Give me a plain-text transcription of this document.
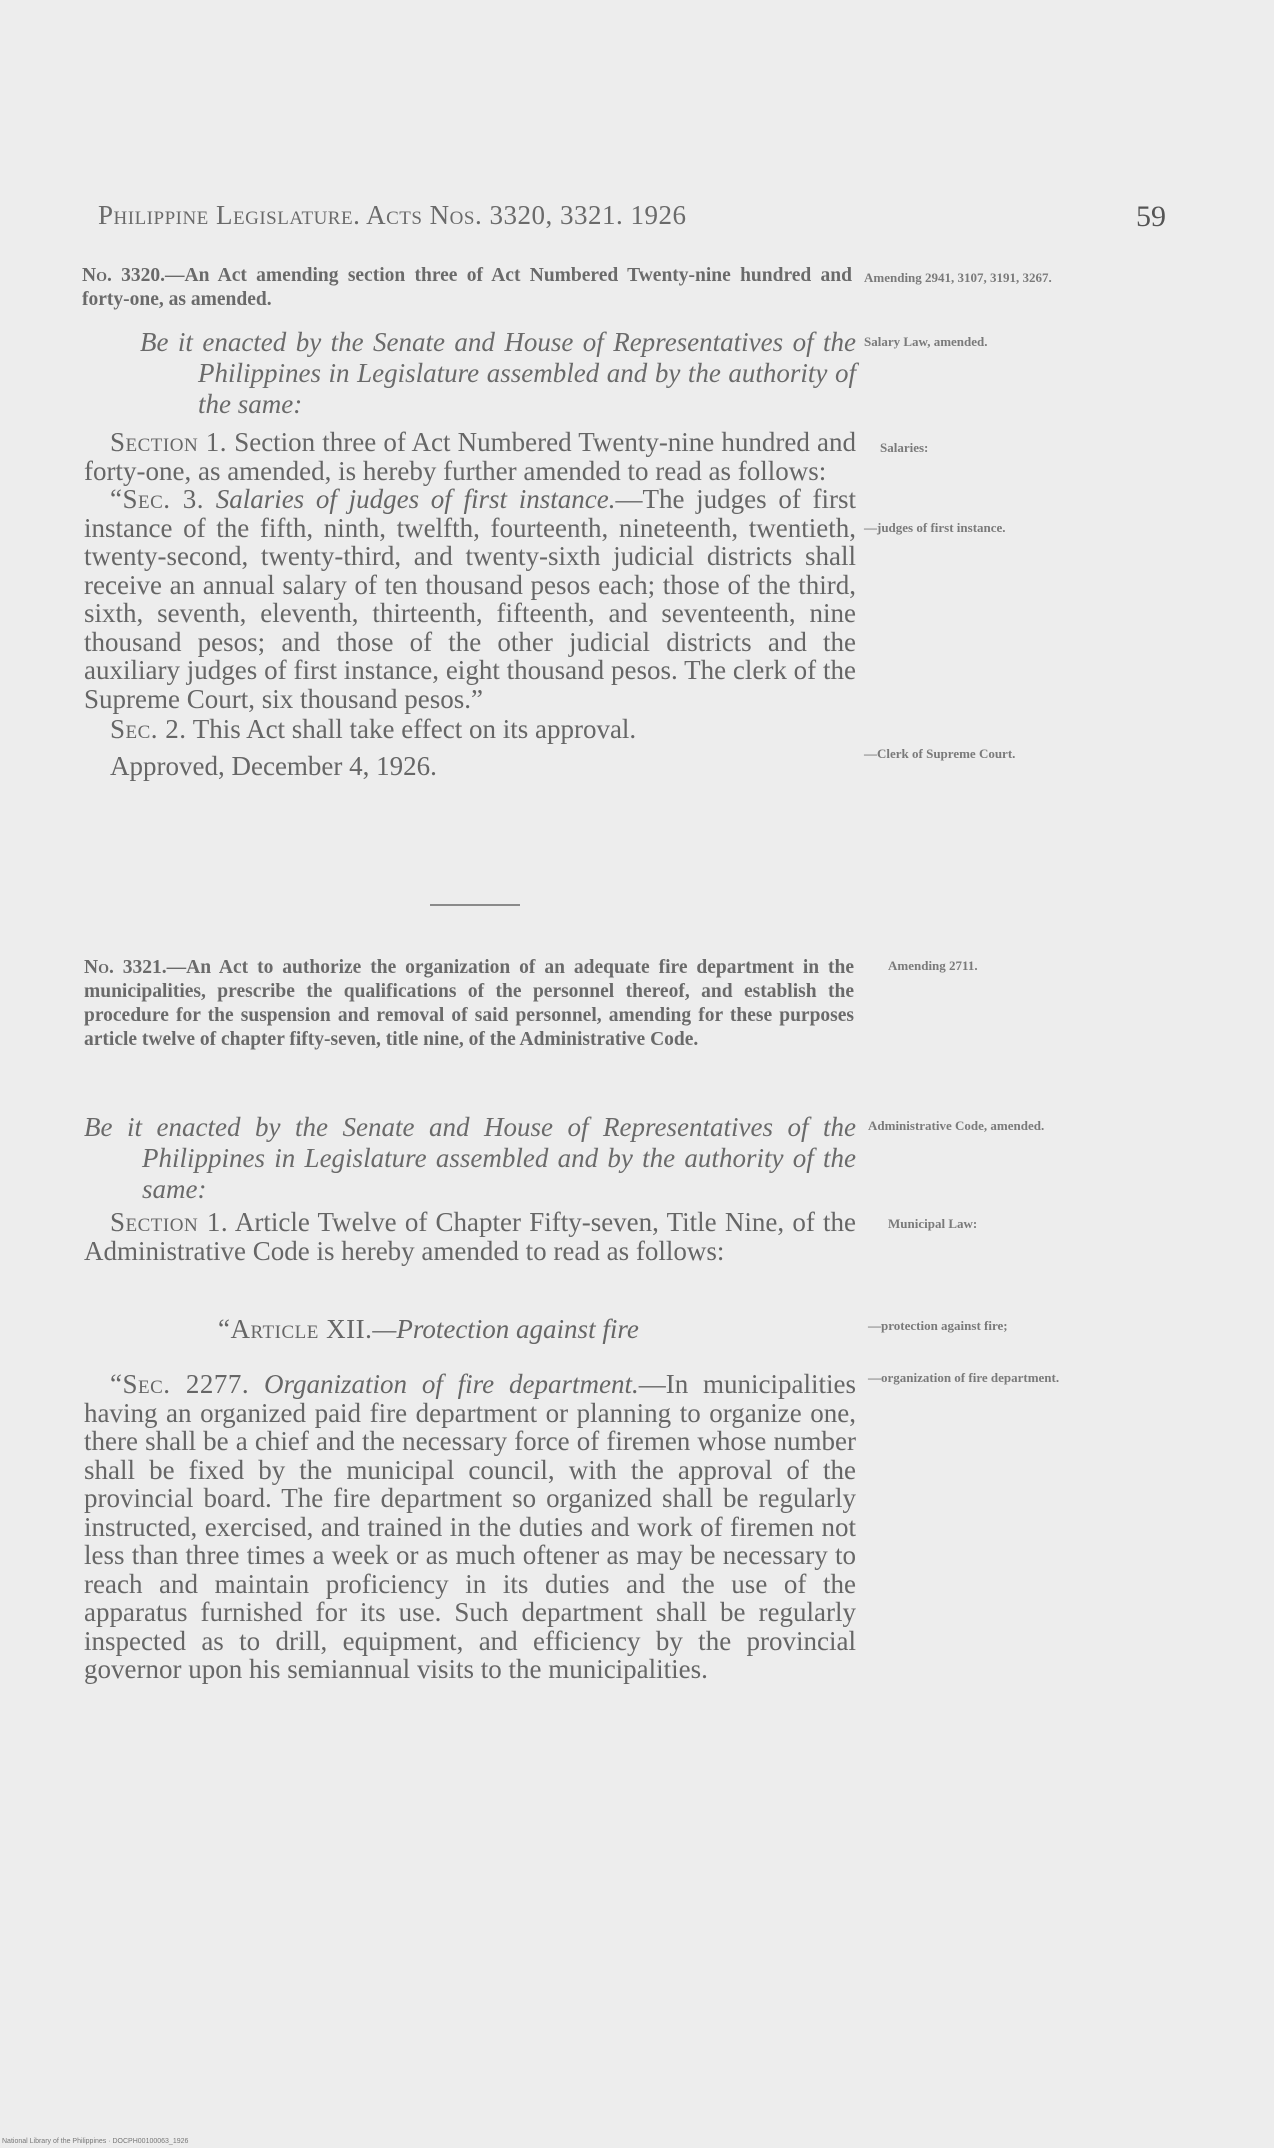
Philippine Legislature. Acts Nos. 3320, 3321. 1926	59
No. 3320.—An Act amending section three of Act Numbered Twenty-nine hundred and forty-one, as amended.
Be it enacted by the Senate and House of Representatives of the Philippines in Legislature assembled and by the authority of the same:

Section 1. Section three of Act Numbered Twenty-nine hundred and forty-one, as amended, is hereby further amended to read as follows:

“Sec. 3. Salaries of judges of first instance.—The judges of first instance of the fifth, ninth, twelfth, fourteenth, nineteenth, twentieth, twenty-second, twenty-third, and twenty-sixth judicial districts shall receive an annual salary of ten thousand pesos each; those of the third, sixth, seventh, eleventh, thirteenth, fifteenth, and seventeenth, nine thousand pesos; and those of the other judicial districts and the auxiliary judges of first instance, eight thousand pesos. The clerk of the Supreme Court, six thousand pesos.”

Sec. 2. This Act shall take effect on its approval.

Approved, December 4, 1926.

No. 3321.—An Act to authorize the organization of an adequate fire department in the municipalities, prescribe the qualifications of the personnel thereof, and establish the procedure for the suspension and removal of said personnel, amending for these purposes article twelve of chapter fifty-seven, title nine, of the Administrative Code.
Be it enacted by the Senate and House of Representatives of the Philippines in Legislature assembled and by the authority of the same:

Section 1. Article Twelve of Chapter Fifty-seven, Title Nine, of the Administrative Code is hereby amended to read as follows:

“Article XII.—Protection against fire

“Sec. 2277. Organization of fire department.—In municipalities having an organized paid fire department or planning to organize one, there shall be a chief and the necessary force of firemen whose number shall be fixed by the municipal council, with the approval of the provincial board. The fire department so organized shall be regularly instructed, exercised, and trained in the duties and work of firemen not less than three times a week or as much oftener as may be necessary to reach and maintain proficiency in its duties and the use of the apparatus furnished for its use. Such department shall be regularly inspected as to drill, equipment, and efficiency by the provincial governor upon his semiannual visits to the municipalities.

Amending 2941, 3107, 3191, 3267.
Salary Law, amended.
Salaries:
—judges of first instance.
—Clerk of Supreme Court.
Amending 2711.
Administrative Code, amended.
Municipal Law:
—protection against fire;
—organization of fire department.
National Library of the Philippines · DOCPH00100063_1926
